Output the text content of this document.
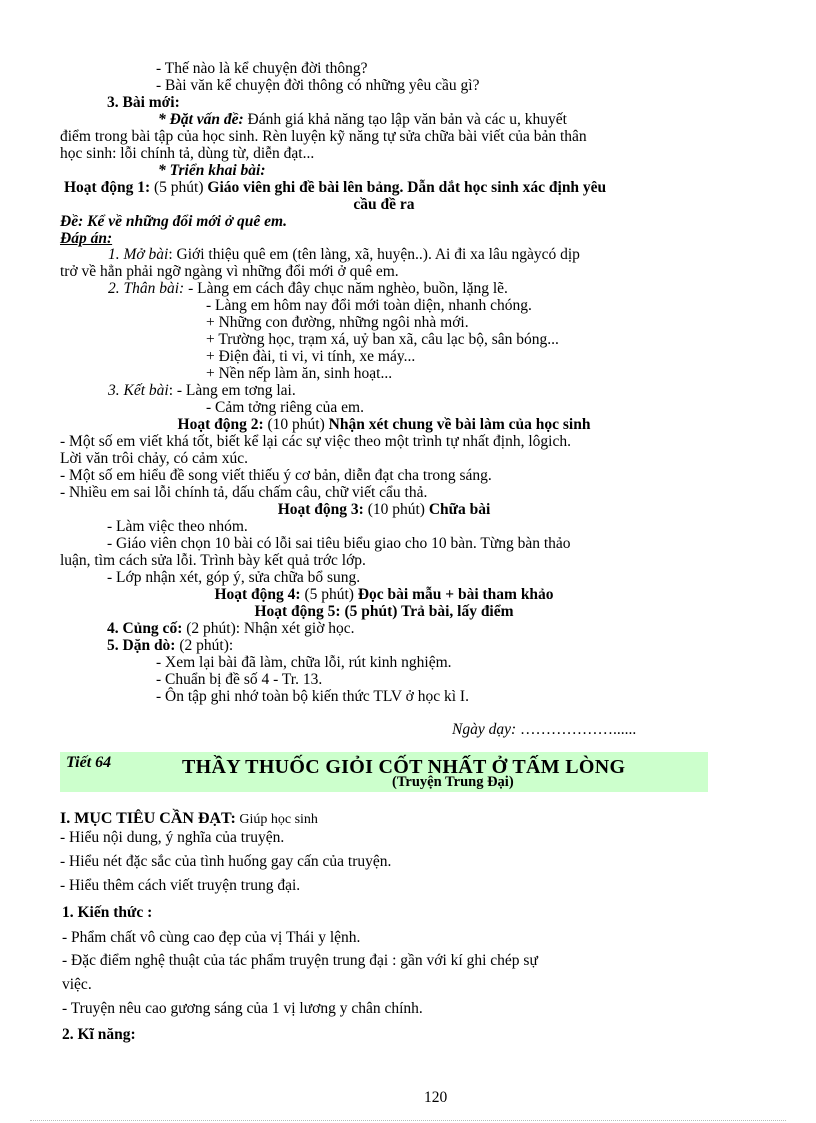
- Thế nào là kể chuyện đời thông?
- Bài văn kể chuyện đời thông có những yêu cầu gì?
3. Bài mới:
* Đặt vấn đề: Đánh giá khả năng tạo lập văn bản và các u, khuyết
điểm trong bài tập của học sinh. Rèn luyện kỹ năng tự sửa chữa bài viết của bản thân
học sinh: lỗi chính tả, dùng từ, diễn đạt...
* Triển khai bài:
Hoạt động 1: (5 phút) Giáo viên ghi đề bài lên bảng. Dẫn dắt học sinh xác định yêu
cầu đề ra
Đề: Kể về những đổi mới ở quê em.
Đáp án:
1. Mở bài: Giới thiệu quê em (tên làng, xã, huyện..). Ai đi xa lâu ngàycó dịp
trở về hẳn phải ngỡ ngàng vì những đổi mới ở quê em.
2. Thân bài: - Làng em cách đây chục năm nghèo, buồn, lặng lẽ.
- Làng em hôm nay đổi mới toàn diện, nhanh chóng.
+ Những con đường, những ngôi nhà mới.
+ Trường học, trạm xá, uỷ ban xã, câu lạc bộ, sân bóng...
+ Điện đài, ti vi, vi tính, xe máy...
+ Nền nếp làm ăn, sinh hoạt...
3. Kết bài: - Làng em tơng lai.
- Cảm tởng riêng của em.
Hoạt động 2: (10 phút) Nhận xét chung về bài làm của học sinh
- Một số em viết khá tốt, biết kể lại các sự việc theo một trình tự nhất định, lôgich.
Lời văn trôi chảy, có cảm xúc.
- Một số em hiểu đề song viết thiếu ý cơ bản, diễn đạt cha trong sáng.
- Nhiều em sai lỗi chính tả, dấu chấm câu, chữ viết cẩu thả.
Hoạt động 3: (10 phút) Chữa bài
- Làm việc theo nhóm.
- Giáo viên chọn 10 bài có lỗi sai tiêu biểu giao cho 10 bàn. Từng bàn thảo
luận, tìm cách sửa lỗi. Trình bày kết quả trớc lớp.
- Lớp nhận xét, góp ý, sửa chữa bổ sung.
Hoạt động 4: (5 phút) Đọc bài mẫu + bài tham khảo
Hoạt động 5: (5 phút) Trả bài, lấy điểm
4. Củng cố: (2 phút): Nhận xét giờ học.
5. Dặn dò: (2 phút):
- Xem lại bài đã làm, chữa lỗi, rút kinh nghiệm.
- Chuẩn bị đề số 4 - Tr. 13.
- Ôn tập ghi nhớ toàn bộ kiến thức TLV ở học kì I.
Ngày dạy: ………………......
Tiết 64	THẦY THUỐC GIỎI CỐT NHẤT Ở TẤM LÒNG
(Truyện Trung Đại)
I. MỤC TIÊU CẦN ĐẠT: Giúp học sinh
- Hiểu nội dung, ý nghĩa của truyện.
- Hiểu nét đặc sắc của tình huống gay cấn của truyện.
- Hiểu thêm cách viết truyện trung đại.
1. Kiến thức :
- Phẩm chất vô cùng cao đẹp của vị Thái y lệnh.
- Đặc điểm nghệ thuật của tác phẩm truyện trung đại : gần với kí ghi chép sự
việc.
- Truyện nêu cao gương sáng của 1 vị lương y chân chính.
2. Kĩ năng:
120
